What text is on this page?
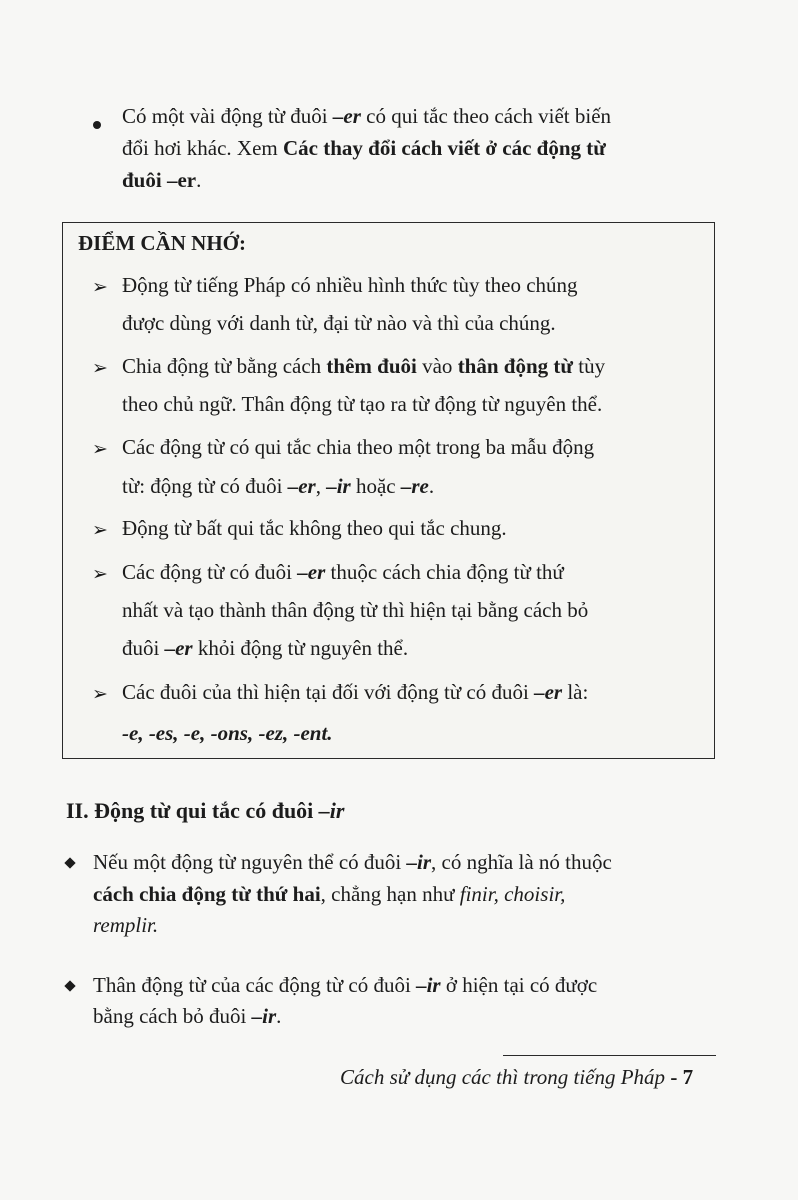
Có một vài động từ đuôi –er có qui tắc theo cách viết biến
đổi hơi khác. Xem Các thay đổi cách viết ở các động từ
đuôi –er.
ĐIỂM CẦN NHỚ:
➢ Động từ tiếng Pháp có nhiều hình thức tùy theo chúng
được dùng với danh từ, đại từ nào và thì của chúng.
➢ Chia động từ bằng cách thêm đuôi vào thân động từ tùy
theo chủ ngữ. Thân động từ tạo ra từ động từ nguyên thể.
➢ Các động từ có qui tắc chia theo một trong ba mẫu động
từ: động từ có đuôi –er, –ir hoặc –re.
➢ Động từ bất qui tắc không theo qui tắc chung.
➢ Các động từ có đuôi –er thuộc cách chia động từ thứ
nhất và tạo thành thân động từ thì hiện tại bằng cách bỏ
đuôi –er khỏi động từ nguyên thể.
➢ Các đuôi của thì hiện tại đối với động từ có đuôi –er là:
-e, -es, -e, -ons, -ez, -ent.
II. Động từ qui tắc có đuôi –ir
Nếu một động từ nguyên thể có đuôi –ir, có nghĩa là nó thuộc
cách chia động từ thứ hai, chẳng hạn như finir, choisir,
remplir.
Thân động từ của các động từ có đuôi –ir ở hiện tại có được
bằng cách bỏ đuôi –ir.
Cách sử dụng các thì trong tiếng Pháp - 7
